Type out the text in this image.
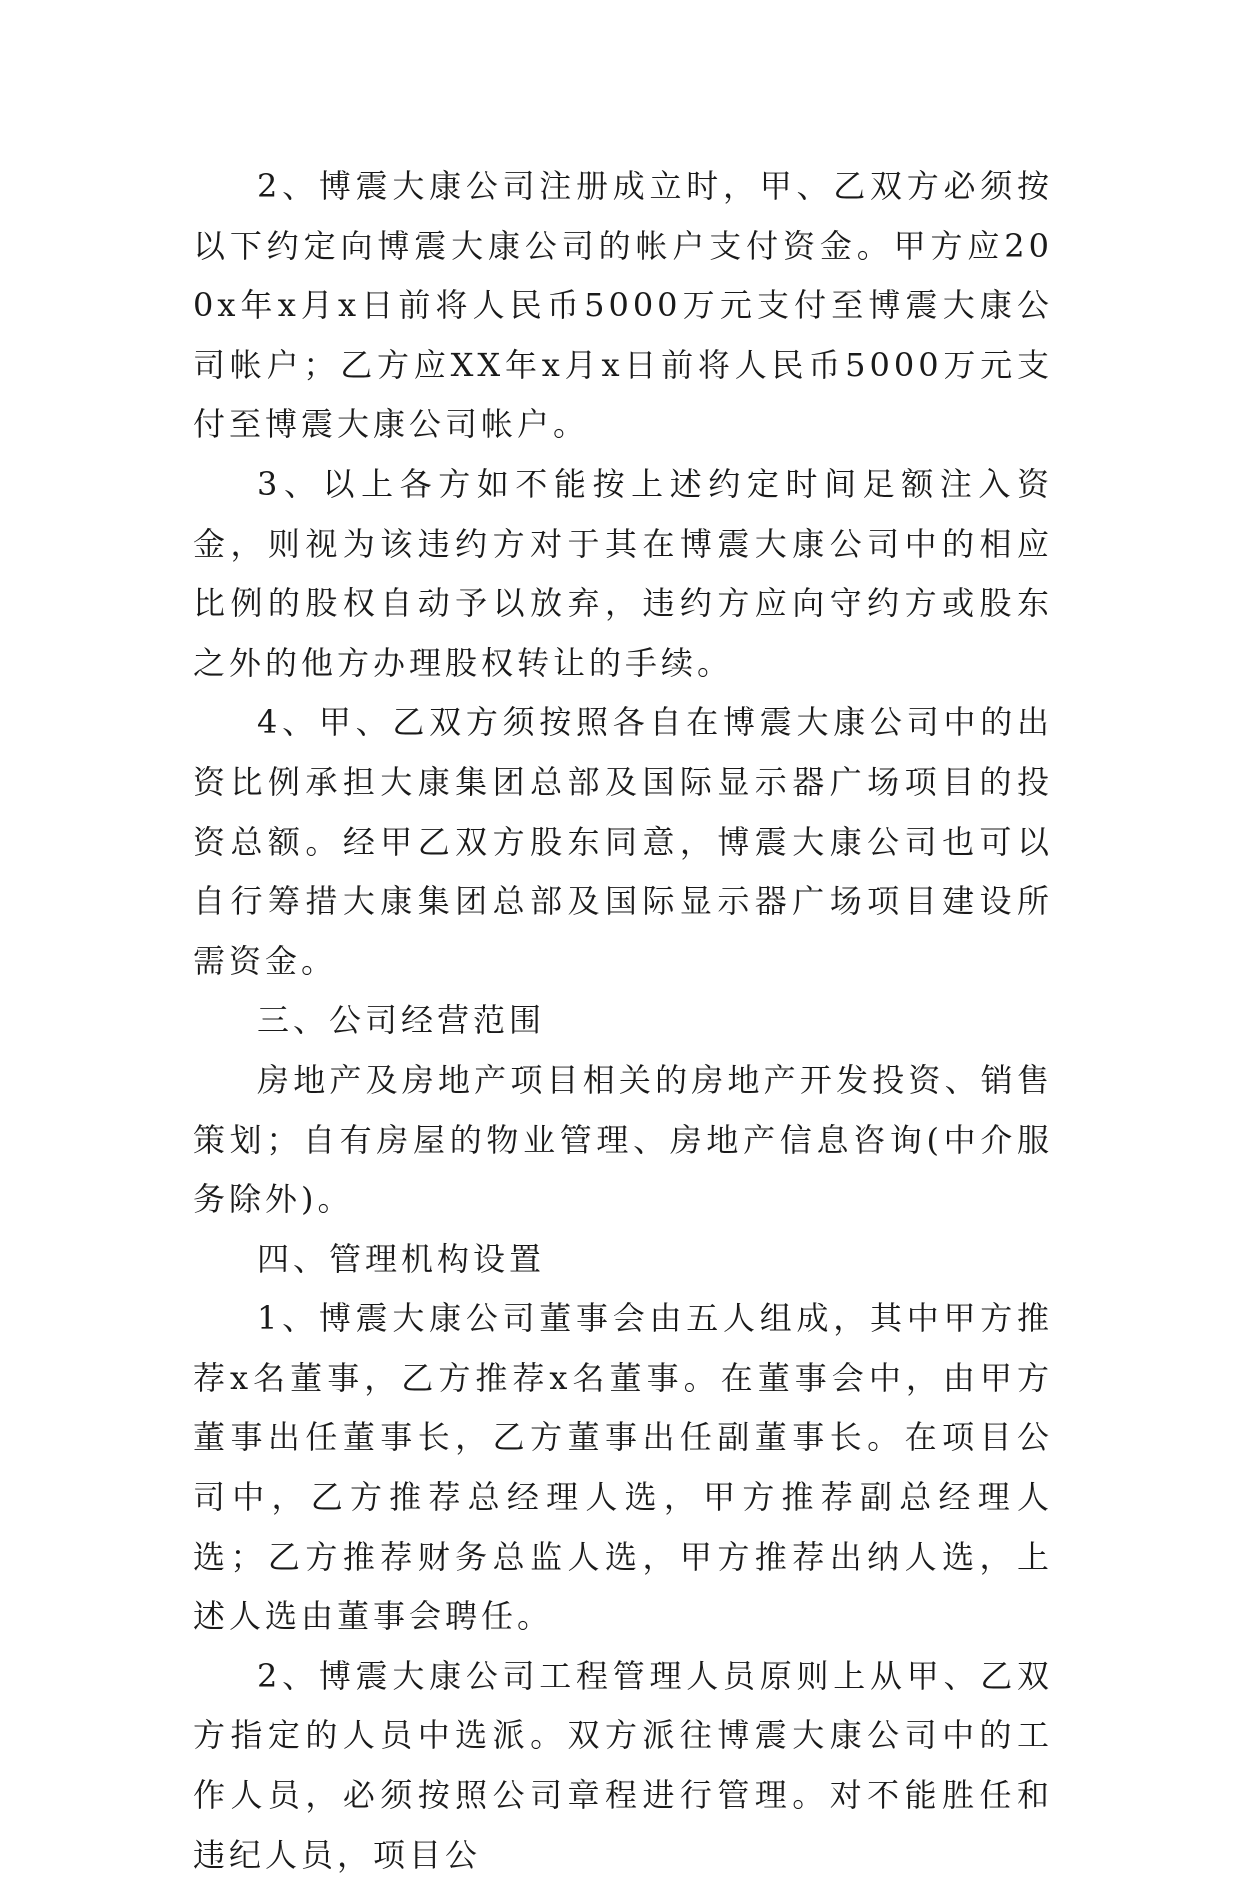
2、博震大康公司注册成立时，甲、乙双方必须按以下约定向博震大康公司的帐户支付资金。甲方应200x年x月x日前将人民币5000万元支付至博震大康公司帐户；乙方应XX年x月x日前将人民币5000万元支付至博震大康公司帐户。

3、以上各方如不能按上述约定时间足额注入资金，则视为该违约方对于其在博震大康公司中的相应比例的股权自动予以放弃，违约方应向守约方或股东之外的他方办理股权转让的手续。

4、甲、乙双方须按照各自在博震大康公司中的出资比例承担大康集团总部及国际显示器广场项目的投资总额。经甲乙双方股东同意，博震大康公司也可以自行筹措大康集团总部及国际显示器广场项目建设所需资金。

三、公司经营范围

房地产及房地产项目相关的房地产开发投资、销售策划；自有房屋的物业管理、房地产信息咨询(中介服务除外)。

四、管理机构设置

1、博震大康公司董事会由五人组成，其中甲方推荐x名董事，乙方推荐x名董事。在董事会中，由甲方董事出任董事长，乙方董事出任副董事长。在项目公司中，乙方推荐总经理人选，甲方推荐副总经理人选；乙方推荐财务总监人选，甲方推荐出纳人选，上述人选由董事会聘任。

2、博震大康公司工程管理人员原则上从甲、乙双方指定的人员中选派。双方派往博震大康公司中的工作人员，必须按照公司章程进行管理。对不能胜任和违纪人员，项目公
